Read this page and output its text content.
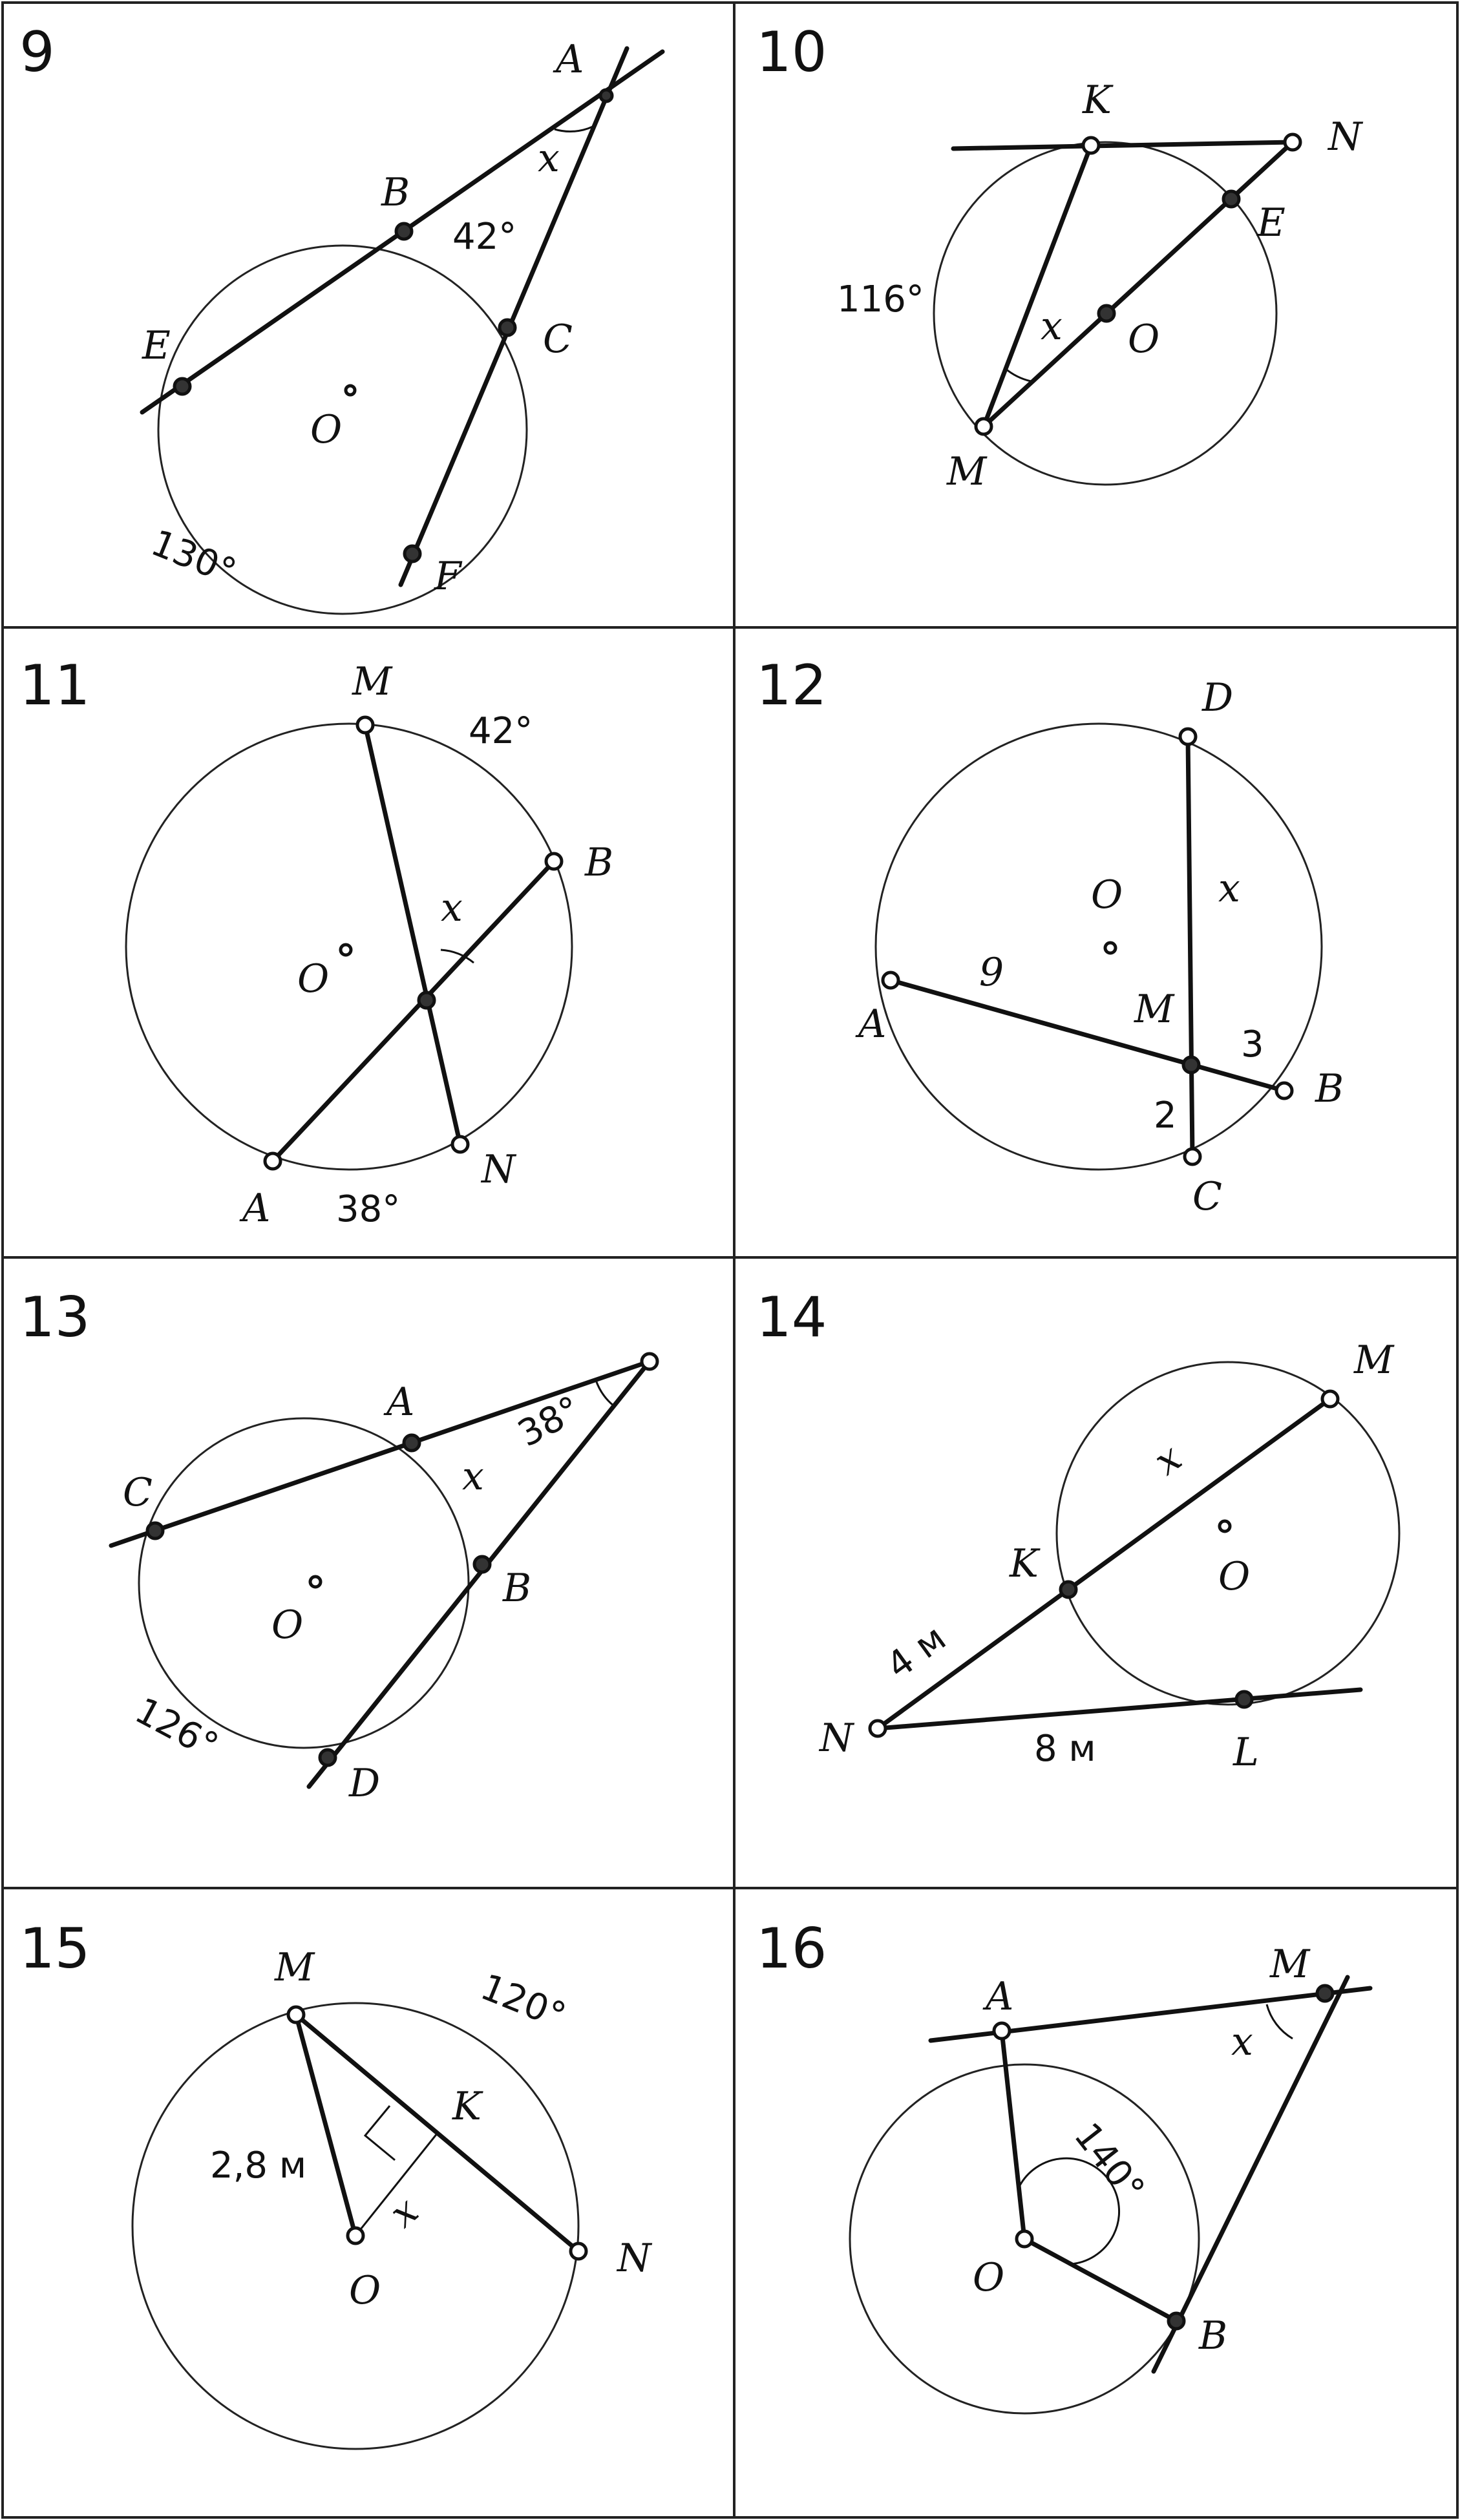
9	A
B
C
E
F
O
x
42°
130°
10
K
N
E
O
M
x
116°
11	M
B
O
A
N
x
42°
38°
12	D
O
A	M
B
C
x
9
3
2
13
A
C
B
D
O
x
38°
126°
14
M
K	O
N	L
x
4 м
8 м
15	M
K
N
O
x
2,8 м
120°
16
A
M
B
O
x
140°
